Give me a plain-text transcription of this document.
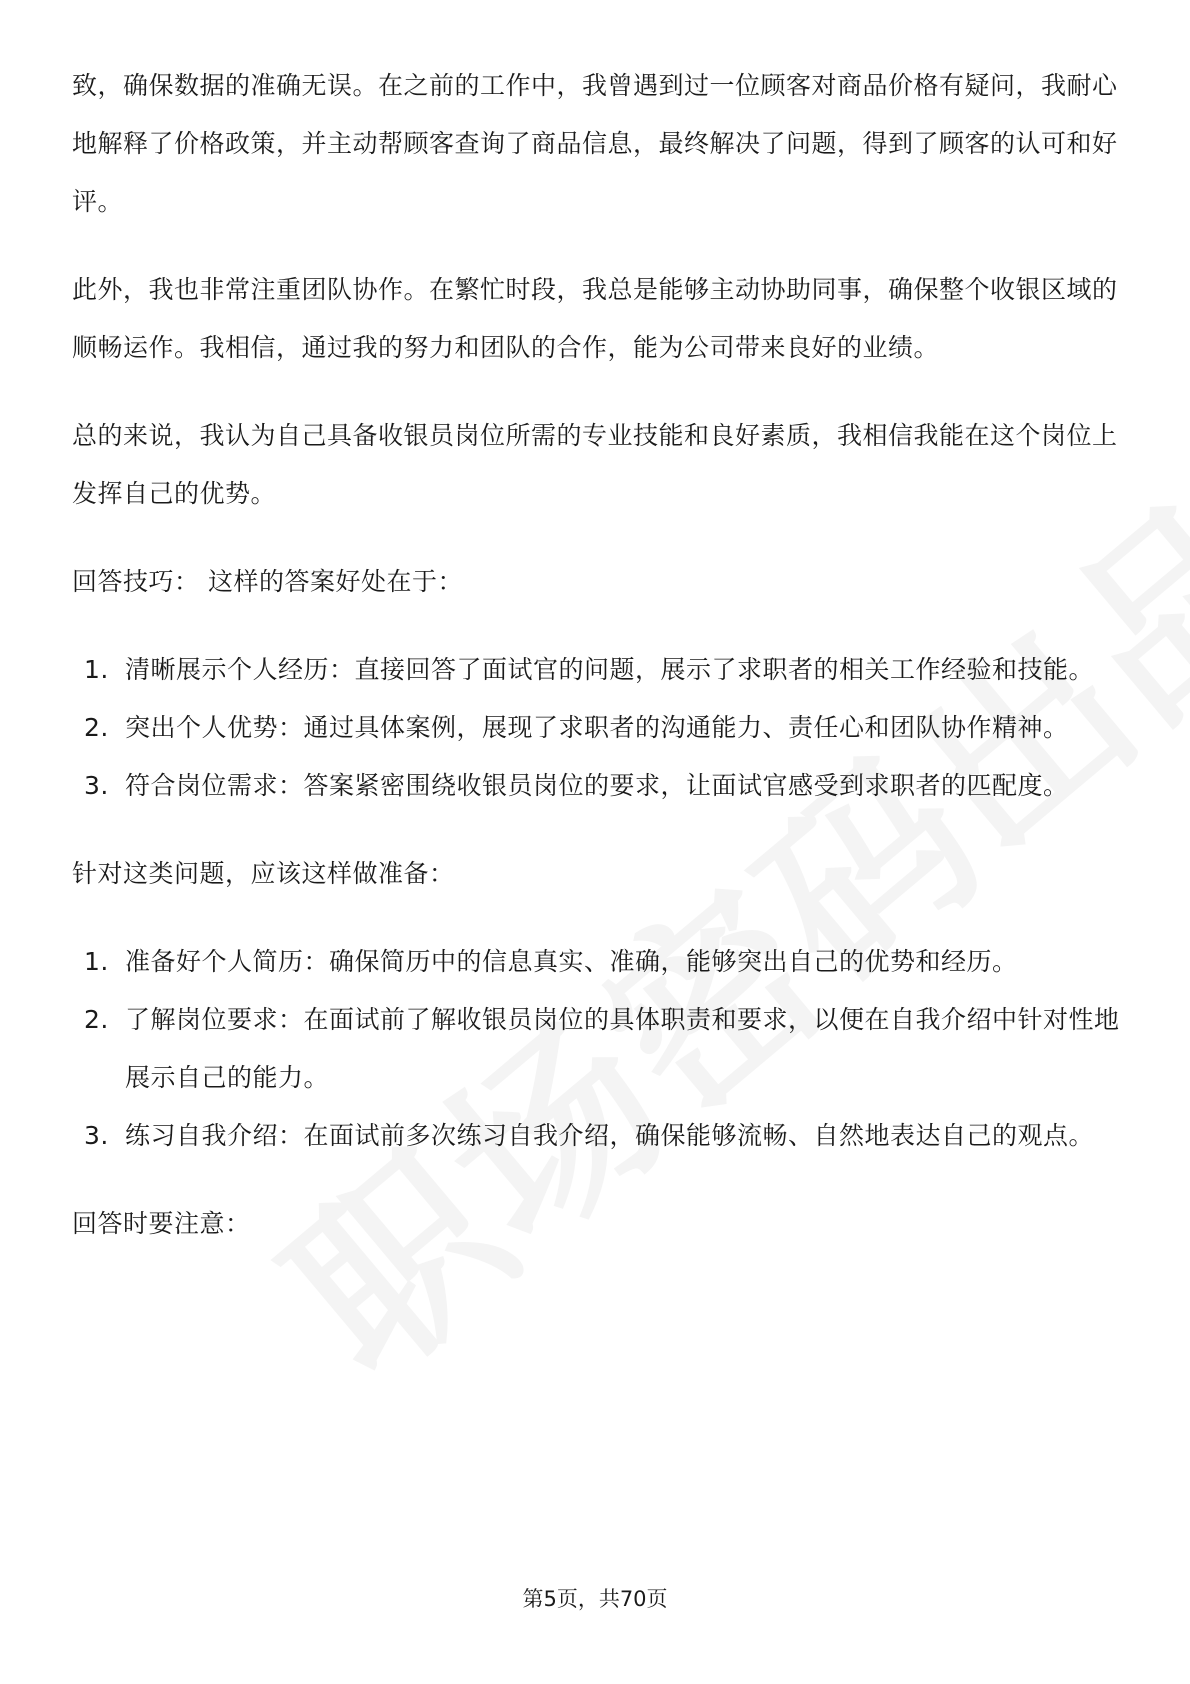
致，确保数据的准确无误。在之前的工作中，我曾遇到过一位顾客对商品价格有疑问，我耐心地解释了价格政策，并主动帮顾客查询了商品信息，最终解决了问题，得到了顾客的认可和好评。

此外，我也非常注重团队协作。在繁忙时段，我总是能够主动协助同事，确保整个收银区域的顺畅运作。我相信，通过我的努力和团队的合作，能为公司带来良好的业绩。

总的来说，我认为自己具备收银员岗位所需的专业技能和良好素质，我相信我能在这个岗位上发挥自己的优势。

回答技巧： 这样的答案好处在于：

1. 清晰展示个人经历：直接回答了面试官的问题，展示了求职者的相关工作经验和技能。
2. 突出个人优势：通过具体案例，展现了求职者的沟通能力、责任心和团队协作精神。
3. 符合岗位需求：答案紧密围绕收银员岗位的要求，让面试官感受到求职者的匹配度。

针对这类问题，应该这样做准备：

1. 准备好个人简历：确保简历中的信息真实、准确，能够突出自己的优势和经历。
2. 了解岗位要求：在面试前了解收银员岗位的具体职责和要求，以便在自我介绍中针对性地展示自己的能力。
3. 练习自我介绍：在面试前多次练习自我介绍，确保能够流畅、自然地表达自己的观点。

回答时要注意：

第5页，共70页
